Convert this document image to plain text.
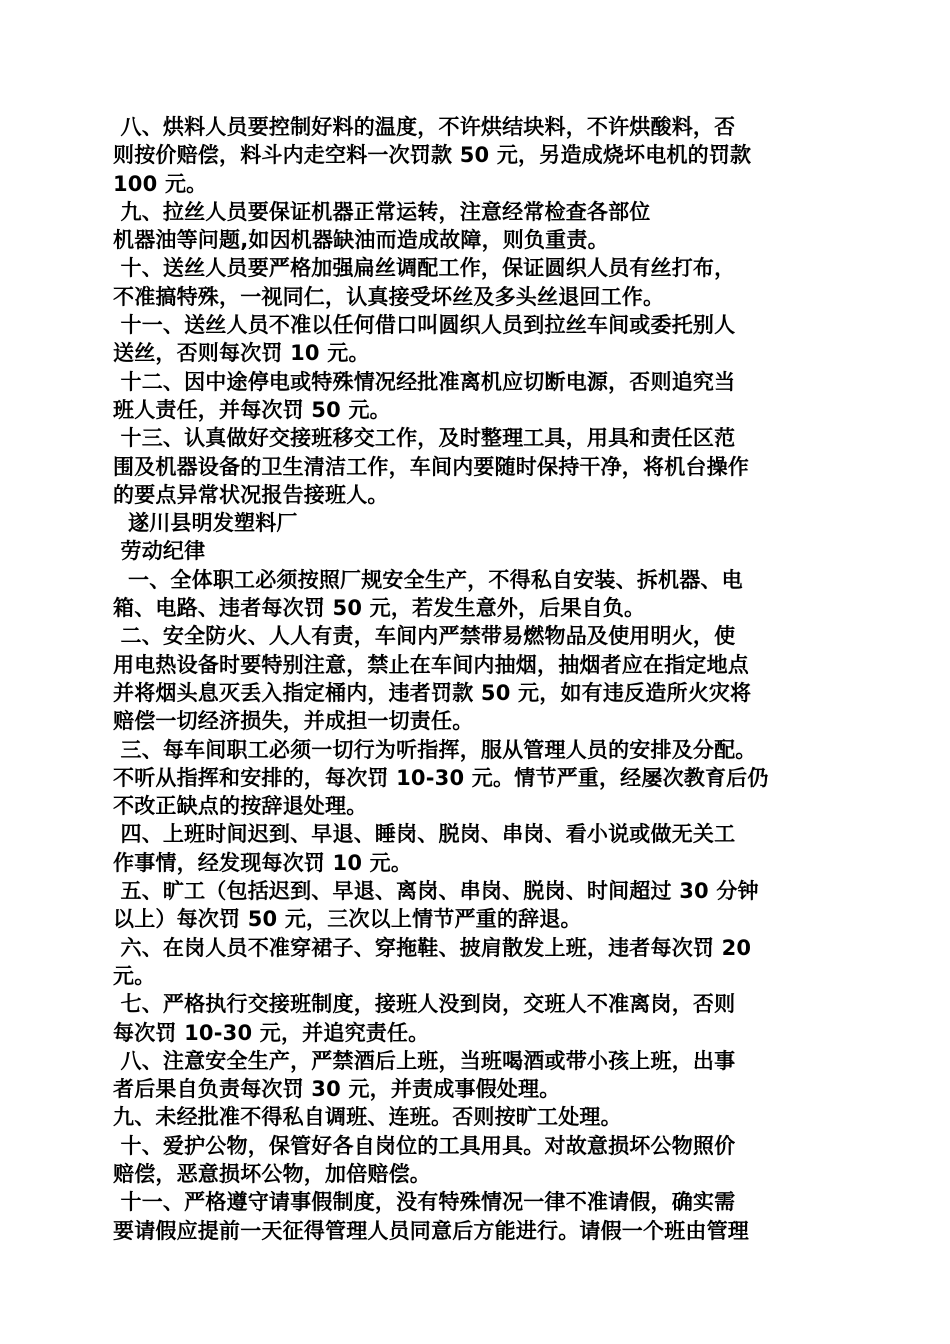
八、烘料人员要控制好料的温度，不许烘结块料，不许烘酸料，否
则按价赔偿，料斗内走空料一次罚款 50 元，另造成烧坏电机的罚款
100 元。
九、拉丝人员要保证机器正常运转，注意经常检查各部位
机器油等问题,如因机器缺油而造成故障，则负重责。
十、送丝人员要严格加强扁丝调配工作，保证圆织人员有丝打布，
不准搞特殊，一视同仁，认真接受坏丝及多头丝退回工作。
十一、送丝人员不准以任何借口叫圆织人员到拉丝车间或委托别人
送丝，否则每次罚 10 元。
十二、因中途停电或特殊情况经批准离机应切断电源，否则追究当
班人责任，并每次罚 50 元。
十三、认真做好交接班移交工作，及时整理工具，用具和责任区范
围及机器设备的卫生清洁工作，车间内要随时保持干净，将机台操作
的要点异常状况报告接班人。
遂川县明发塑料厂
劳动纪律
一、全体职工必须按照厂规安全生产，不得私自安装、拆机器、电
箱、电路、违者每次罚 50 元，若发生意外，后果自负。
二、安全防火、人人有责，车间内严禁带易燃物品及使用明火，使
用电热设备时要特别注意，禁止在车间内抽烟，抽烟者应在指定地点
并将烟头息灭丢入指定桶内，违者罚款 50 元，如有违反造所火灾将
赔偿一切经济损失，并成担一切责任。
三、每车间职工必须一切行为听指挥，服从管理人员的安排及分配。
不听从指挥和安排的，每次罚 10-30 元。情节严重，经屡次教育后仍
不改正缺点的按辞退处理。
四、上班时间迟到、早退、睡岗、脱岗、串岗、看小说或做无关工
作事情，经发现每次罚 10 元。
五、旷工（包括迟到、早退、离岗、串岗、脱岗、时间超过 30 分钟
以上）每次罚 50 元，三次以上情节严重的辞退。
六、在岗人员不准穿裙子、穿拖鞋、披肩散发上班，违者每次罚 20
元。
七、严格执行交接班制度，接班人没到岗，交班人不准离岗，否则
每次罚 10-30 元，并追究责任。
八、注意安全生产，严禁酒后上班，当班喝酒或带小孩上班，出事
者后果自负责每次罚 30 元，并责成事假处理。
九、未经批准不得私自调班、连班。否则按旷工处理。
十、爱护公物，保管好各自岗位的工具用具。对故意损坏公物照价
赔偿，恶意损坏公物，加倍赔偿。
十一、严格遵守请事假制度，没有特殊情况一律不准请假，确实需
要请假应提前一天征得管理人员同意后方能进行。请假一个班由管理
